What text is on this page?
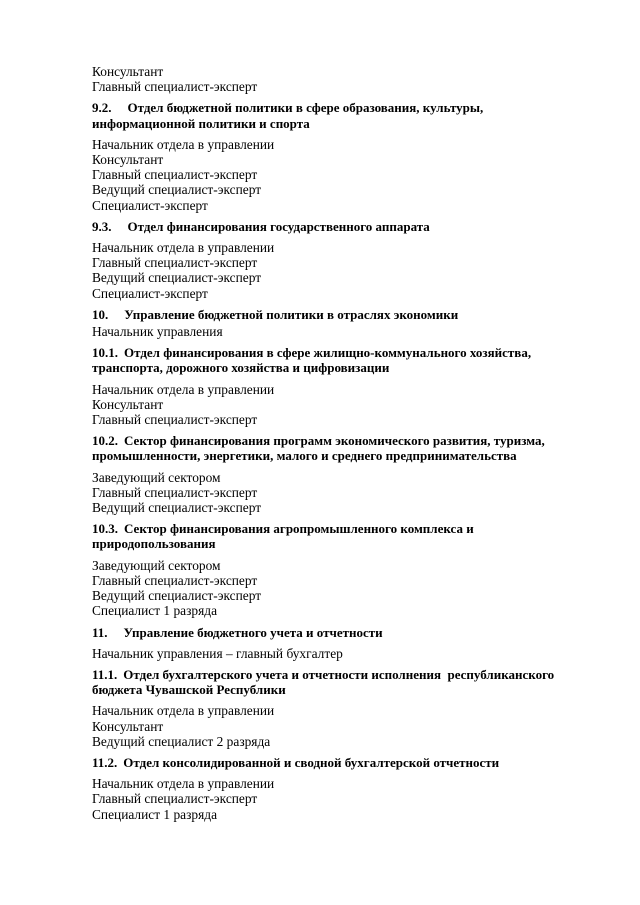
Консультант
Главный специалист-эксперт
9.2. Отдел бюджетной политики в сфере образования, культуры,
информационной политики и спорта
Начальник отдела в управлении
Консультант
Главный специалист-эксперт
Ведущий специалист-эксперт
Специалист-эксперт
9.3. Отдел финансирования государственного аппарата
Начальник отдела в управлении
Главный специалист-эксперт
Ведущий специалист-эксперт
Специалист-эксперт
10. Управление бюджетной политики в отраслях экономики
Начальник управления
10.1. Отдел финансирования в сфере жилищно-коммунального хозяйства,
транспорта, дорожного хозяйства и цифровизации
Начальник отдела в управлении
Консультант
Главный специалист-эксперт
10.2. Сектор финансирования программ экономического развития, туризма,
промышленности, энергетики, малого и среднего предпринимательства
Заведующий сектором
Главный специалист-эксперт
Ведущий специалист-эксперт
10.3. Сектор финансирования агропромышленного комплекса и
природопользования
Заведующий сектором
Главный специалист-эксперт
Ведущий специалист-эксперт
Специалист 1 разряда
11. Управление бюджетного учета и отчетности
Начальник управления – главный бухгалтер
11.1. Отдел бухгалтерского учета и отчетности исполнения  республиканского
бюджета Чувашской Республики
Начальник отдела в управлении
Консультант
Ведущий специалист 2 разряда
11.2. Отдел консолидированной и сводной бухгалтерской отчетности
Начальник отдела в управлении
Главный специалист-эксперт
Специалист 1 разряда
